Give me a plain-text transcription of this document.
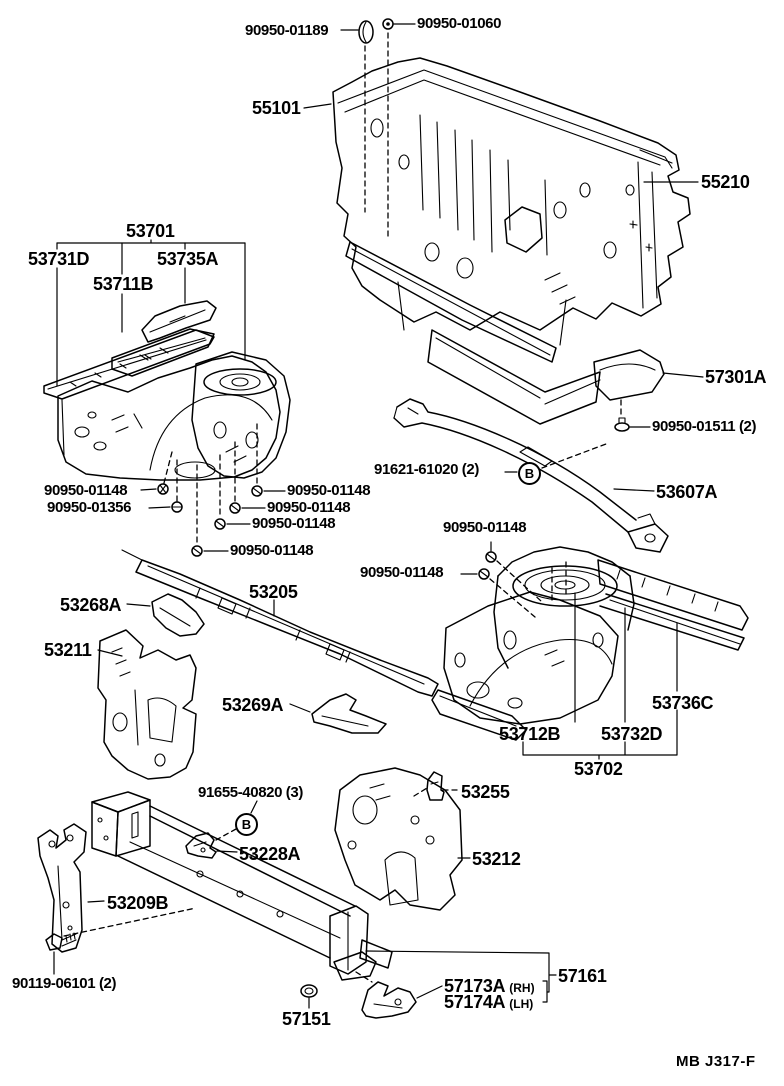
90950-01189	90950-01060
55101
55210
53701
53731D	53735A
53711B
57301A
90950-01511 (2)
91621-61020 (2)
53607A
90950-01148
90950-01356
90950-01148
90950-01148
90950-01148
90950-01148
90950-01148
90950-01148
53268A
53205
53211
53269A	53736C
53712B 53732D
53702
91655-40820 (3)
53228A
53255
53212
53209B
90119-06101 (2)
57151
57161
57173A (RH)
57174A (LH)
B
B
MB J317-F
